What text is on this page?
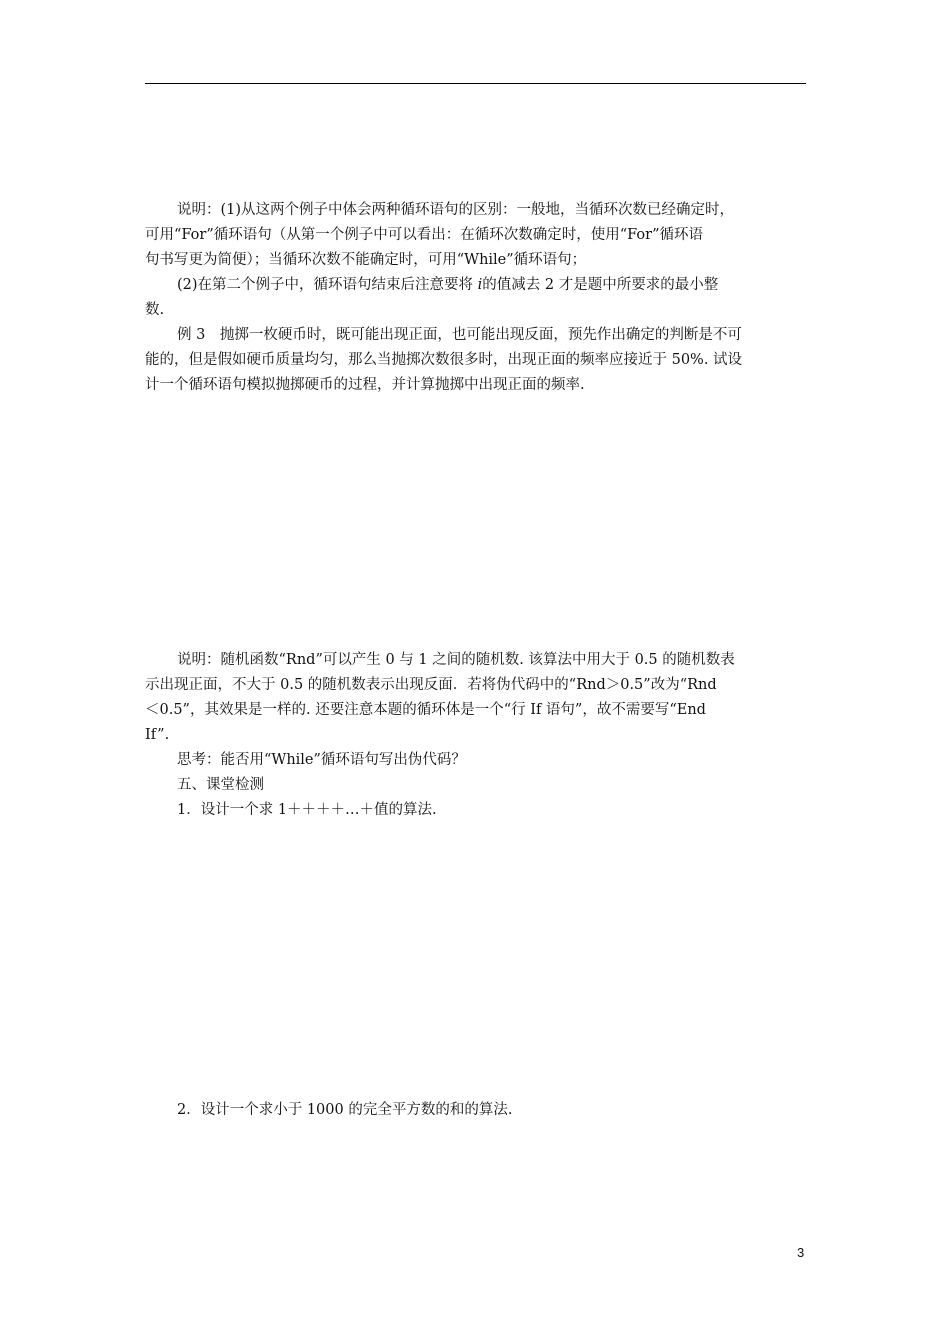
说明：(1)从这两个例子中体会两种循环语句的区别：一般地，当循环次数已经确定时，
可用“For”循环语句（从第一个例子中可以看出：在循环次数确定时，使用“For”循环语
句书写更为简便）；当循环次数不能确定时，可用“While”循环语句；
(2)在第二个例子中，循环语句结束后注意要将 i的值减去 2 才是题中所要求的最小整
数.
例 3　抛掷一枚硬币时，既可能出现正面，也可能出现反面，预先作出确定的判断是不可
能的，但是假如硬币质量均匀，那么当抛掷次数很多时，出现正面的频率应接近于 50%. 试设
计一个循环语句模拟抛掷硬币的过程，并计算抛掷中出现正面的频率.
说明：随机函数“Rnd”可以产生 0 与 1 之间的随机数. 该算法中用大于 0.5 的随机数表
示出现正面，不大于 0.5 的随机数表示出现反面．若将伪代码中的“Rnd＞0.5”改为“Rnd
＜0.5”，其效果是一样的. 还要注意本题的循环体是一个“行 If 语句”，故不需要写“End
If”.
思考：能否用“While”循环语句写出伪代码？
五、课堂检测
1．设计一个求 1＋＋＋＋…＋值的算法.
2．设计一个求小于 1000 的完全平方数的和的算法.
3
